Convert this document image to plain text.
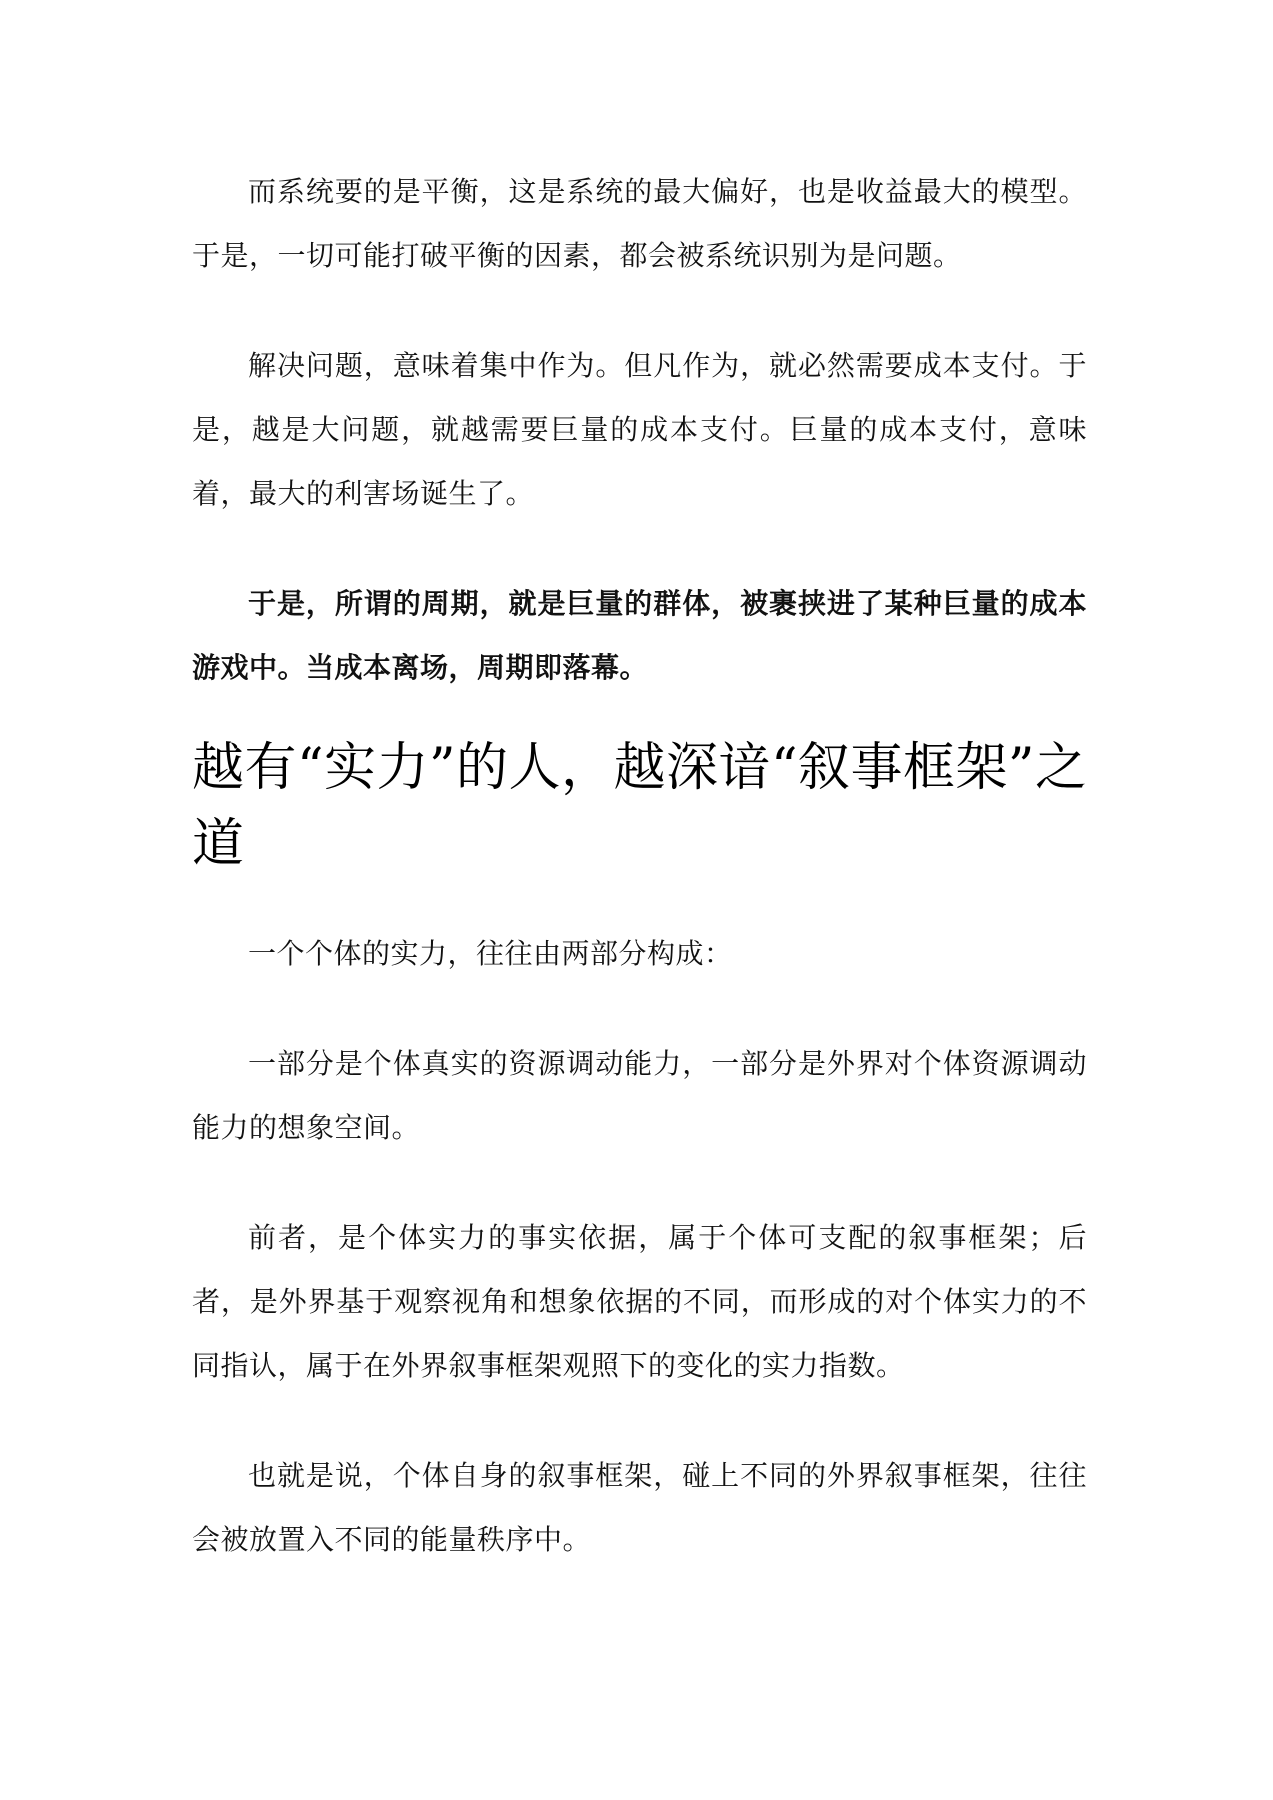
而系统要的是平衡，这是系统的最大偏好，也是收益最大的模型。于是，一切可能打破平衡的因素，都会被系统识别为是问题。

解决问题，意味着集中作为。但凡作为，就必然需要成本支付。于是，越是大问题，就越需要巨量的成本支付。巨量的成本支付，意味着，最大的利害场诞生了。

于是，所谓的周期，就是巨量的群体，被裹挟进了某种巨量的成本游戏中。当成本离场，周期即落幕。

越有“实力”的人，越深谙“叙事框架”之道

一个个体的实力，往往由两部分构成：

一部分是个体真实的资源调动能力，一部分是外界对个体资源调动能力的想象空间。

前者，是个体实力的事实依据，属于个体可支配的叙事框架；后者，是外界基于观察视角和想象依据的不同，而形成的对个体实力的不同指认，属于在外界叙事框架观照下的变化的实力指数。

也就是说，个体自身的叙事框架，碰上不同的外界叙事框架，往往会被放置入不同的能量秩序中。
